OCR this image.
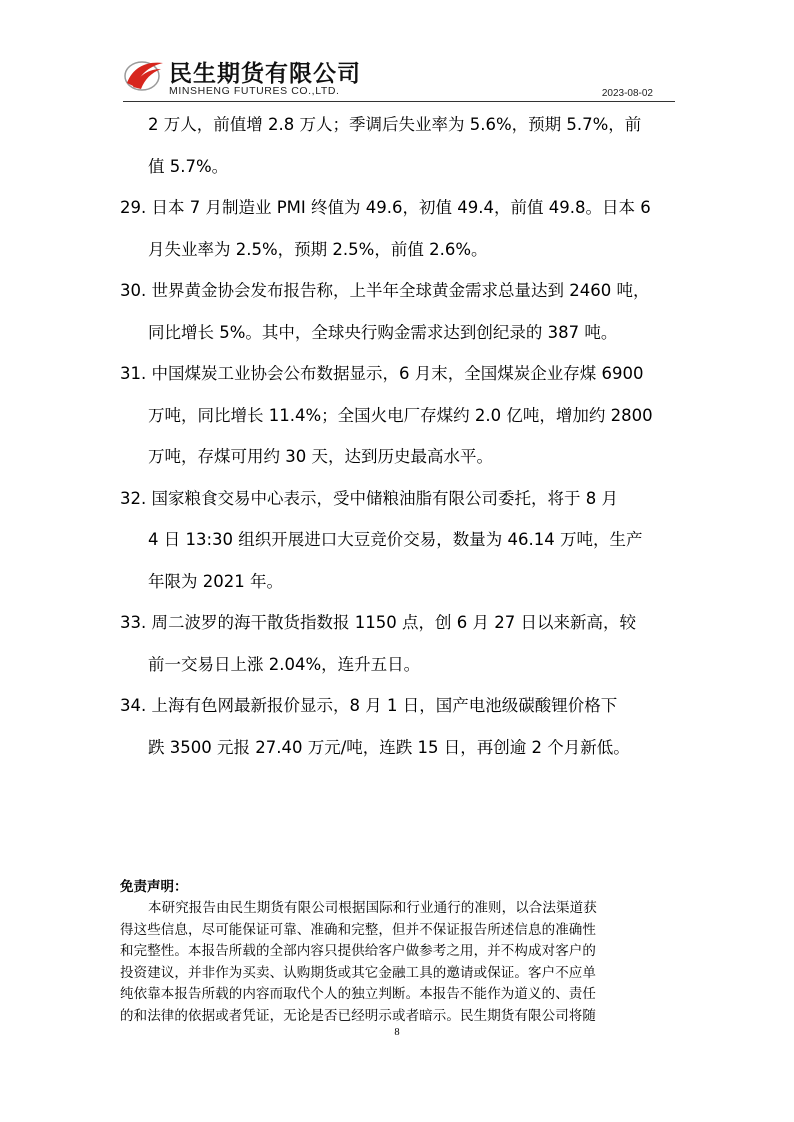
民生期货有限公司
MINSHENG FUTURES CO.,LTD.	2023-08-02
2 万人，前值增 2.8 万人；季调后失业率为 5.6%，预期 5.7%，前
值 5.7%。
29. 日本 7 月制造业 PMI 终值为 49.6，初值 49.4，前值 49.8。日本 6
月失业率为 2.5%，预期 2.5%，前值 2.6%。
30. 世界黄金协会发布报告称，上半年全球黄金需求总量达到 2460 吨，
同比增长 5%。其中，全球央行购金需求达到创纪录的 387 吨。
31. 中国煤炭工业协会公布数据显示，6 月末，全国煤炭企业存煤 6900
万吨，同比增长 11.4%；全国火电厂存煤约 2.0 亿吨，增加约 2800
万吨，存煤可用约 30 天，达到历史最高水平。
32. 国家粮食交易中心表示，受中储粮油脂有限公司委托，将于 8 月
4 日 13:30 组织开展进口大豆竞价交易，数量为 46.14 万吨，生产
年限为 2021 年。
33. 周二波罗的海干散货指数报 1150 点，创 6 月 27 日以来新高，较
前一交易日上涨 2.04%，连升五日。
34. 上海有色网最新报价显示，8 月 1 日，国产电池级碳酸锂价格下
跌 3500 元报 27.40 万元/吨，连跌 15 日，再创逾 2 个月新低。
免责声明：
本研究报告由民生期货有限公司根据国际和行业通行的准则，以合法渠道获
得这些信息，尽可能保证可靠、准确和完整，但并不保证报告所述信息的准确性
和完整性。本报告所载的全部内容只提供给客户做参考之用，并不构成对客户的
投资建议，并非作为买卖、认购期货或其它金融工具的邀请或保证。客户不应单
纯依靠本报告所载的内容而取代个人的独立判断。本报告不能作为道义的、责任
的和法律的依据或者凭证，无论是否已经明示或者暗示。民生期货有限公司将随
8
